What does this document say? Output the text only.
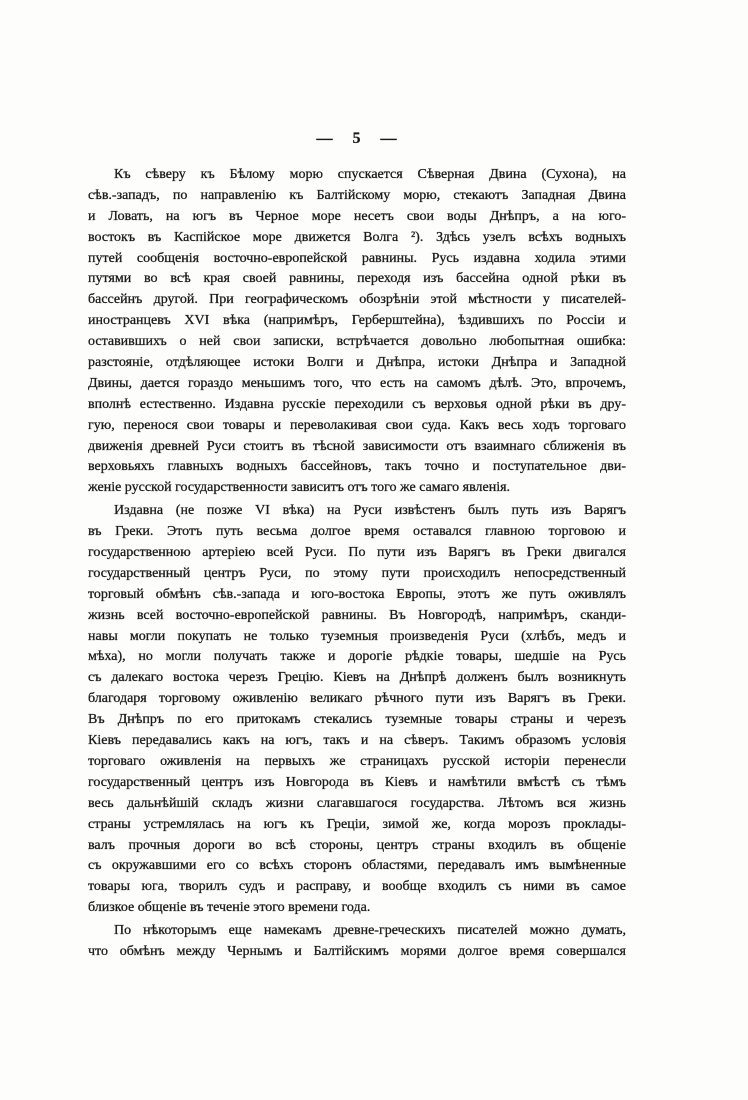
— 5 —
Къ сѣверу къ Бѣлому морю спускается Сѣверная Двина (Сухона), на
сѣв.-западъ, по направленію къ Балтійскому морю, стекаютъ Западная Двина
и Ловать, на югъ въ Черное море несетъ свои воды Днѣпръ, а на юго-
востокъ въ Каспійское море движется Волга ²). Здѣсь узелъ всѣхъ водныхъ
путей сообщенія восточно-европейской равнины. Русь издавна ходила этими
путями во всѣ края своей равнины, переходя изъ бассейна одной рѣки въ
бассейнъ другой. При географическомъ обозрѣніи этой мѣстности у писателей-
иностранцевъ XVI вѣка (напримѣръ, Герберштейна), ѣздившихъ по Россіи и
оставившихъ о ней свои записки, встрѣчается довольно любопытная ошибка:
разстояніе, отдѣляющее истоки Волги и Днѣпра, истоки Днѣпра и Западной
Двины, дается гораздо меньшимъ того, что есть на самомъ дѣлѣ. Это, впрочемъ,
вполнѣ естественно. Издавна русскіе переходили съ верховья одной рѣки въ дру-
гую, перенося свои товары и переволакивая свои суда. Какъ весь ходъ торговаго
движенія древней Руси стоитъ въ тѣсной зависимости отъ взаимнаго сближенія въ
верховьяхъ главныхъ водныхъ бассейновъ, такъ точно и поступательное дви-
женіе русской государственности зависитъ отъ того же самаго явленія.
Издавна (не позже VI вѣка) на Руси извѣстенъ былъ путь изъ Варягъ
въ Греки. Этотъ путь весьма долгое время оставался главною торговою и
государственною артеріею всей Руси. По пути изъ Варягъ въ Греки двигался
государственный центръ Руси, по этому пути происходилъ непосредственный
торговый обмѣнъ сѣв.-запада и юго-востока Европы, этотъ же путь оживлялъ
жизнь всей восточно-европейской равнины. Въ Новгородѣ, напримѣръ, сканди-
навы могли покупать не только туземныя произведенія Руси (хлѣбъ, медъ и
мѣха), но могли получать также и дорогіе рѣдкіе товары, шедшіе на Русь
съ далекаго востока черезъ Грецію. Кіевъ на Днѣпрѣ долженъ былъ возникнуть
благодаря торговому оживленію великаго рѣчного пути изъ Варягъ въ Греки.
Въ Днѣпръ по его притокамъ стекались туземные товары страны и черезъ
Кіевъ передавались какъ на югъ, такъ и на сѣверъ. Такимъ образомъ условія
торговаго оживленія на первыхъ же страницахъ русской исторіи перенесли
государственный центръ изъ Новгорода въ Кіевъ и намѣтили вмѣстѣ съ тѣмъ
весь дальнѣйшій складъ жизни слагавшагося государства. Лѣтомъ вся жизнь
страны устремлялась на югъ къ Греціи, зимой же, когда морозъ проклады-
валъ прочныя дороги во всѣ стороны, центръ страны входилъ въ общеніе
съ окружавшими его со всѣхъ сторонъ областями, передавалъ имъ вымѣненные
товары юга, творилъ судъ и расправу, и вообще входилъ съ ними въ самое
близкое общеніе въ теченіе этого времени года.
По нѣкоторымъ еще намекамъ древне-греческихъ писателей можно думать,
что обмѣнъ между Чернымъ и Балтійскимъ морями долгое время совершался
